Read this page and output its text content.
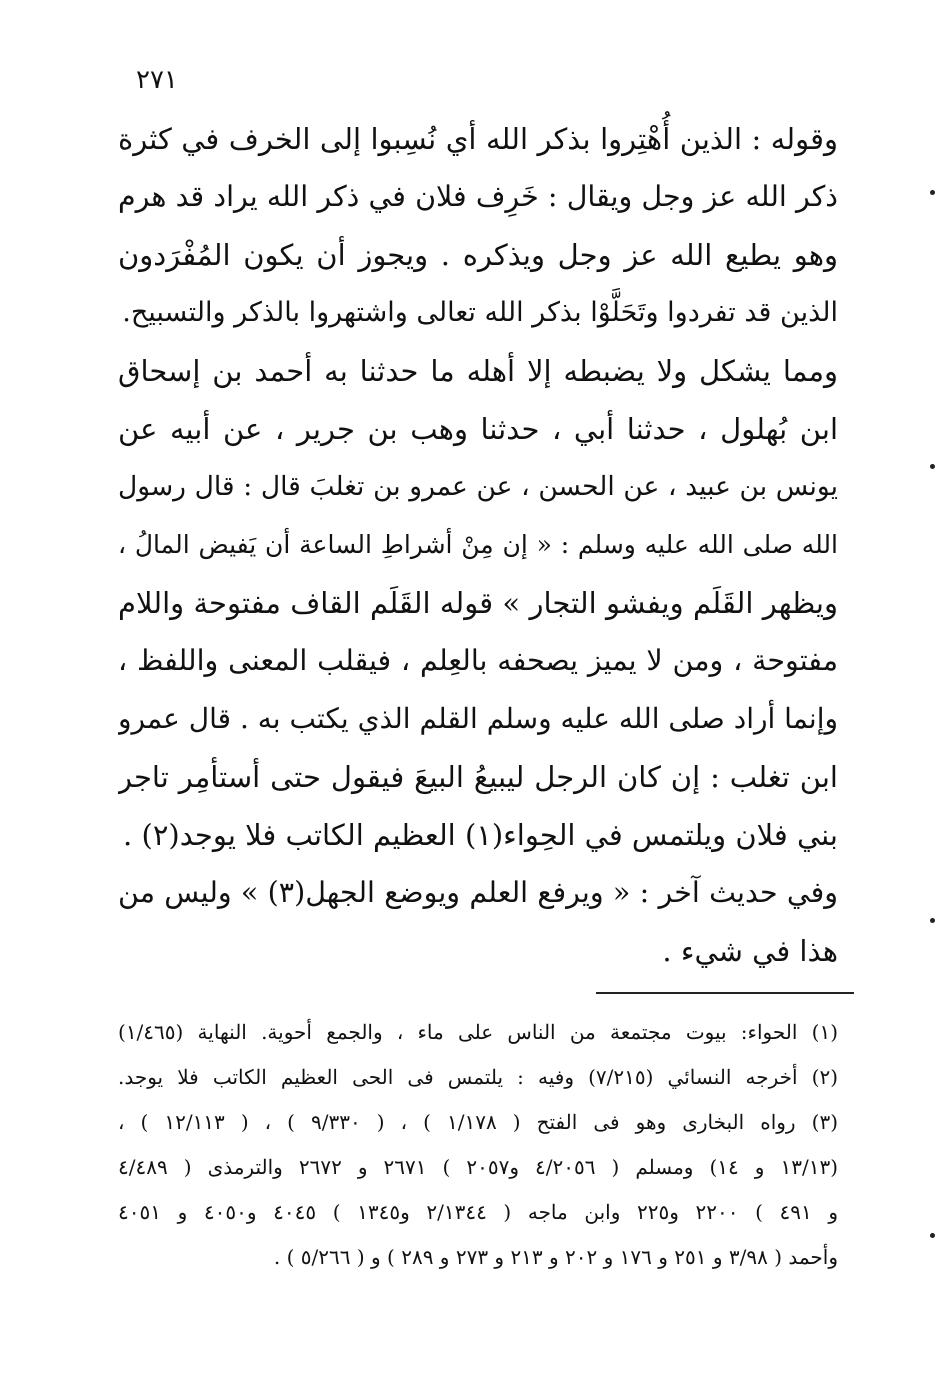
٢٧١
وقوله : الذين أُهْتِروا بذكر الله أي نُسِبوا إلى الخرف في كثرة
ذكر الله عز وجل ويقال : خَرِف فلان في ذكر الله يراد قد هرم
وهو يطيع الله عز وجل ويذكره . ويجوز أن يكون المُفْرَدون
الذين قد تفردوا وتَحَلَّوْا بذكر الله تعالى واشتهروا بالذكر والتسبيح.
ومما يشكل ولا يضبطه إلا أهله ما حدثنا به أحمد بن إسحاق
ابن بُهلول ، حدثنا أبي ، حدثنا وهب بن جرير ، عن أبيه عن
يونس بن عبيد ، عن الحسن ، عن عمرو بن تغلبَ قال : قال رسول
الله صلى الله عليه وسلم : « إن مِنْ أشراطِ الساعة أن يَفيض المالُ ،
ويظهر القَلَم ويفشو التجار » قوله القَلَم القاف مفتوحة واللام
مفتوحة ، ومن لا يميز يصحفه بالعِلم ، فيقلب المعنى واللفظ ،
وإنما أراد صلى الله عليه وسلم القلم الذي يكتب به . قال عمرو
ابن تغلب : إن كان الرجل ليبيعُ البيعَ فيقول حتى أستأمِر تاجر
بني فلان ويلتمس في الحِواء(١) العظيم الكاتب فلا يوجد(٢) .
وفي حديث آخر : « ويرفع العلم ويوضع الجهل(٣) » وليس من
هذا في شيء .
(١) الحواء: بيوت مجتمعة من الناس على ماء ، والجمع أحوية. النهاية (١/٤٦٥)
(٢) أخرجه النسائي (٧/٢١٥) وفيه : يلتمس فى الحى العظيم الكاتب فلا يوجد.
(٣) رواه البخارى وهو فى الفتح ( ١/١٧٨ ) ، ( ٩/٣٣٠ ) ، ( ١٢/١١٣ ) ،
(١٣/١٣ و ١٤) ومسلم ( ٤/٢٠٥٦ و٢٠٥٧ ) ٢٦٧١ و ٢٦٧٢ والترمذى ( ٤/٤٨٩
و ٤٩١ ) ٢٢٠٠ و٢٢٥ وابن ماجه ( ٢/١٣٤٤ و١٣٤٥ ) ٤٠٤٥ و٤٠٥٠ و ٤٠٥١
وأحمد ( ٣/٩٨ و ٢٥١ و ١٧٦ و ٢٠٢ و ٢١٣ و ٢٧٣ و ٢٨٩ ) و ( ٥/٢٦٦ ) .
